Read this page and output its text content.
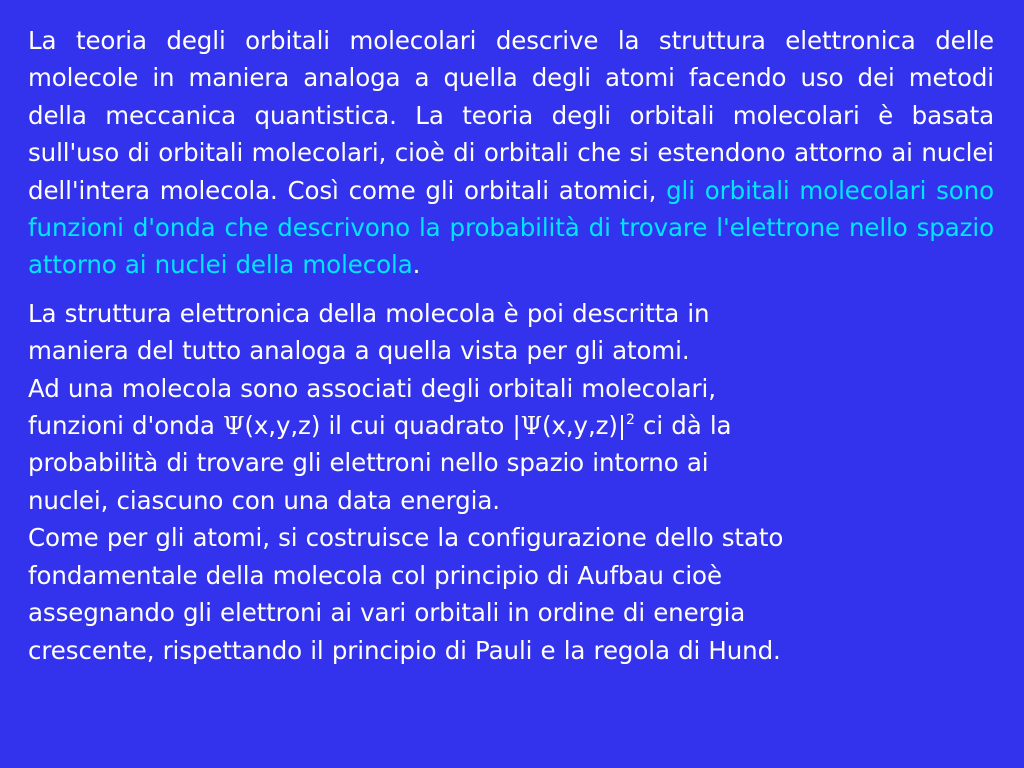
La teoria degli orbitali molecolari descrive la struttura elettronica delle molecole in maniera analoga a quella degli atomi facendo uso dei metodi della meccanica quantistica. La teoria degli orbitali molecolari è basata sull'uso di orbitali molecolari, cioè di orbitali che si estendono attorno ai nuclei dell'intera molecola. Così come gli orbitali atomici, gli orbitali molecolari sono funzioni d'onda che descrivono la probabilità di trovare l'elettrone nello spazio attorno ai nuclei della molecola.

La struttura elettronica della molecola è poi descritta in
maniera del tutto analoga a quella vista per gli atomi.
Ad una molecola sono associati degli orbitali molecolari,
funzioni d'onda Ψ(x,y,z) il cui quadrato $|\Psi(x,y,z)|^2$ ci dà la
probabilità di trovare gli elettroni nello spazio intorno ai
nuclei, ciascuno con una data energia.
Come per gli atomi, si costruisce la configurazione dello stato
fondamentale della molecola col principio di Aufbau cioè
assegnando gli elettroni ai vari orbitali in ordine di energia
crescente, rispettando il principio di Pauli e la regola di Hund.
